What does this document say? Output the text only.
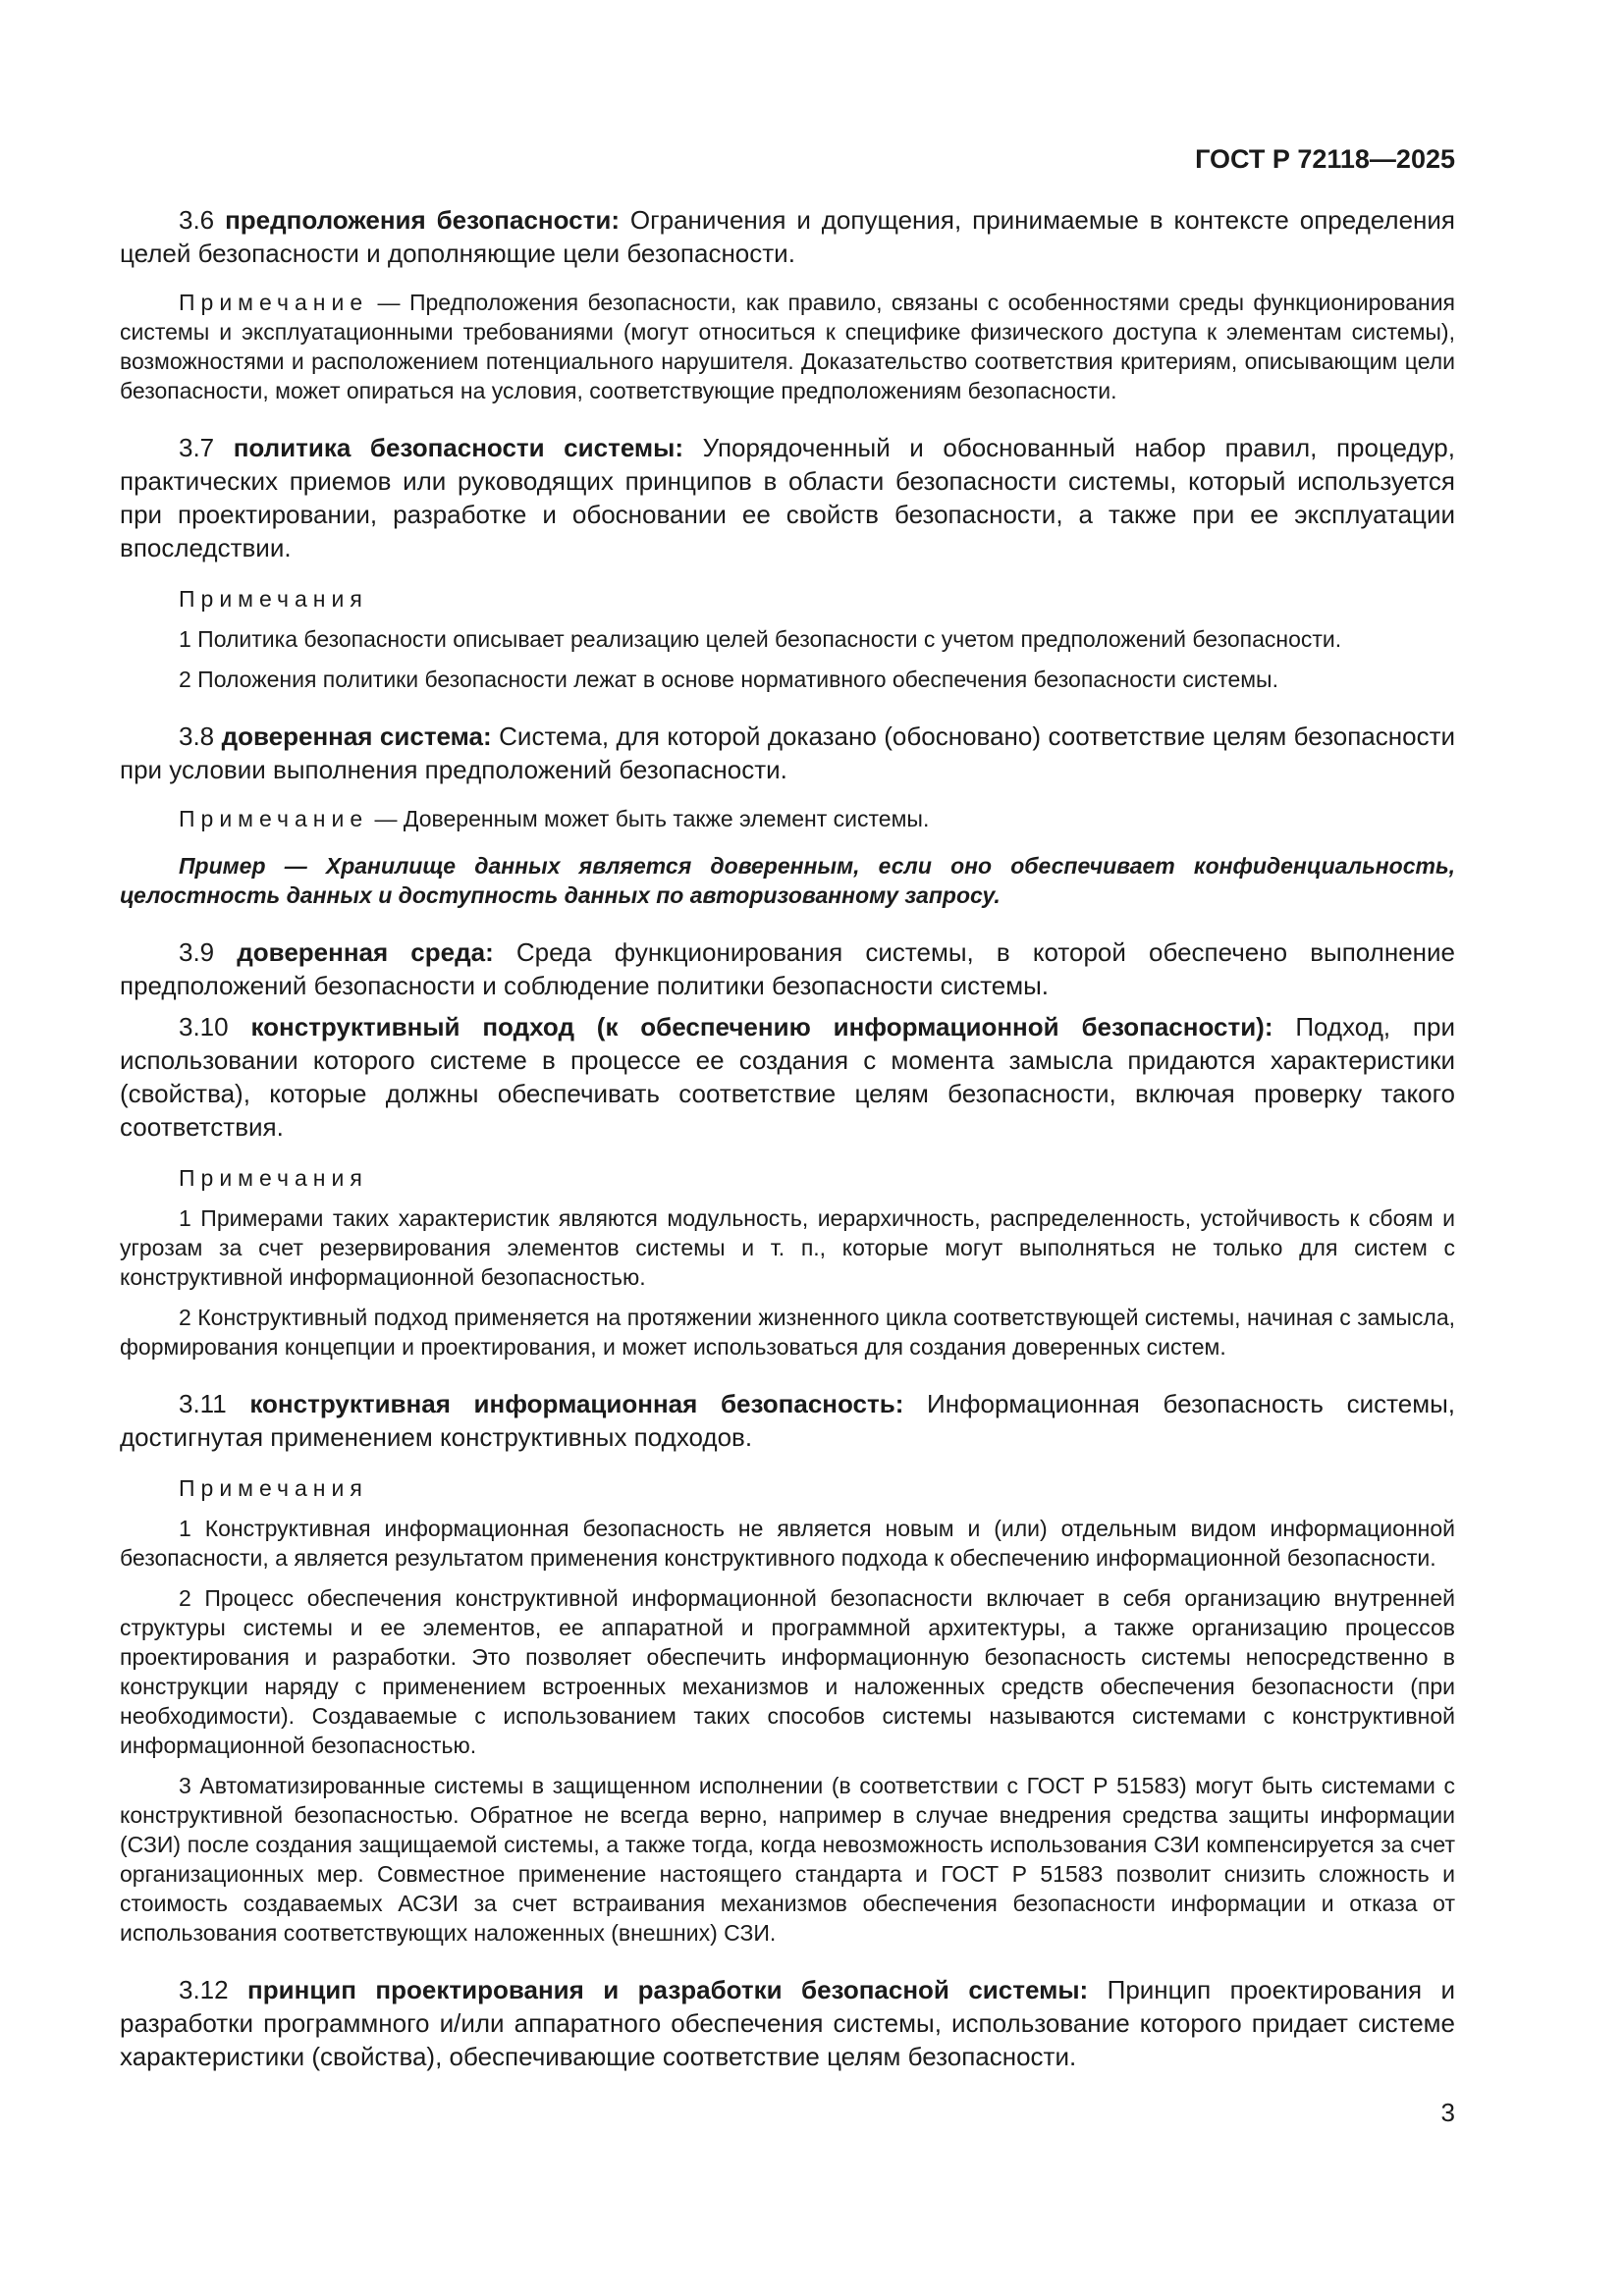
ГОСТ Р 72118—2025

3.6 предположения безопасности: Ограничения и допущения, принимаемые в контексте определения целей безопасности и дополняющие цели безопасности.

Примечание — Предположения безопасности, как правило, связаны с особенностями среды функционирования системы и эксплуатационными требованиями (могут относиться к специфике физического доступа к элементам системы), возможностями и расположением потенциального нарушителя. Доказательство соответствия критериям, описывающим цели безопасности, может опираться на условия, соответствующие предположениям безопасности.

3.7 политика безопасности системы: Упорядоченный и обоснованный набор правил, процедур, практических приемов или руководящих принципов в области безопасности системы, который используется при проектировании, разработке и обосновании ее свойств безопасности, а также при ее эксплуатации впоследствии.

Примечания

1 Политика безопасности описывает реализацию целей безопасности с учетом предположений безопасности.

2 Положения политики безопасности лежат в основе нормативного обеспечения безопасности системы.

3.8 доверенная система: Система, для которой доказано (обосновано) соответствие целям безопасности при условии выполнения предположений безопасности.

Примечание — Доверенным может быть также элемент системы.

Пример — Хранилище данных является доверенным, если оно обеспечивает конфиденциальность, целостность данных и доступность данных по авторизованному запросу.

3.9 доверенная среда: Среда функционирования системы, в которой обеспечено выполнение предположений безопасности и соблюдение политики безопасности системы.

3.10 конструктивный подход (к обеспечению информационной безопасности): Подход, при использовании которого системе в процессе ее создания с момента замысла придаются характеристики (свойства), которые должны обеспечивать соответствие целям безопасности, включая проверку такого соответствия.

Примечания

1 Примерами таких характеристик являются модульность, иерархичность, распределенность, устойчивость к сбоям и угрозам за счет резервирования элементов системы и т. п., которые могут выполняться не только для систем с конструктивной информационной безопасностью.

2 Конструктивный подход применяется на протяжении жизненного цикла соответствующей системы, начиная с замысла, формирования концепции и проектирования, и может использоваться для создания доверенных систем.

3.11 конструктивная информационная безопасность: Информационная безопасность системы, достигнутая применением конструктивных подходов.

Примечания

1 Конструктивная информационная безопасность не является новым и (или) отдельным видом информационной безопасности, а является результатом применения конструктивного подхода к обеспечению информационной безопасности.

2 Процесс обеспечения конструктивной информационной безопасности включает в себя организацию внутренней структуры системы и ее элементов, ее аппаратной и программной архитектуры, а также организацию процессов проектирования и разработки. Это позволяет обеспечить информационную безопасность системы непосредственно в конструкции наряду с применением встроенных механизмов и наложенных средств обеспечения безопасности (при необходимости). Создаваемые с использованием таких способов системы называются системами с конструктивной информационной безопасностью.

3 Автоматизированные системы в защищенном исполнении (в соответствии с ГОСТ Р 51583) могут быть системами с конструктивной безопасностью. Обратное не всегда верно, например в случае внедрения средства защиты информации (СЗИ) после создания защищаемой системы, а также тогда, когда невозможность использования СЗИ компенсируется за счет организационных мер. Совместное применение настоящего стандарта и ГОСТ Р 51583 позволит снизить сложность и стоимость создаваемых АСЗИ за счет встраивания механизмов обеспечения безопасности информации и отказа от использования соответствующих наложенных (внешних) СЗИ.

3.12 принцип проектирования и разработки безопасной системы: Принцип проектирования и разработки программного и/или аппаратного обеспечения системы, использование которого придает системе характеристики (свойства), обеспечивающие соответствие целям безопасности.

3
